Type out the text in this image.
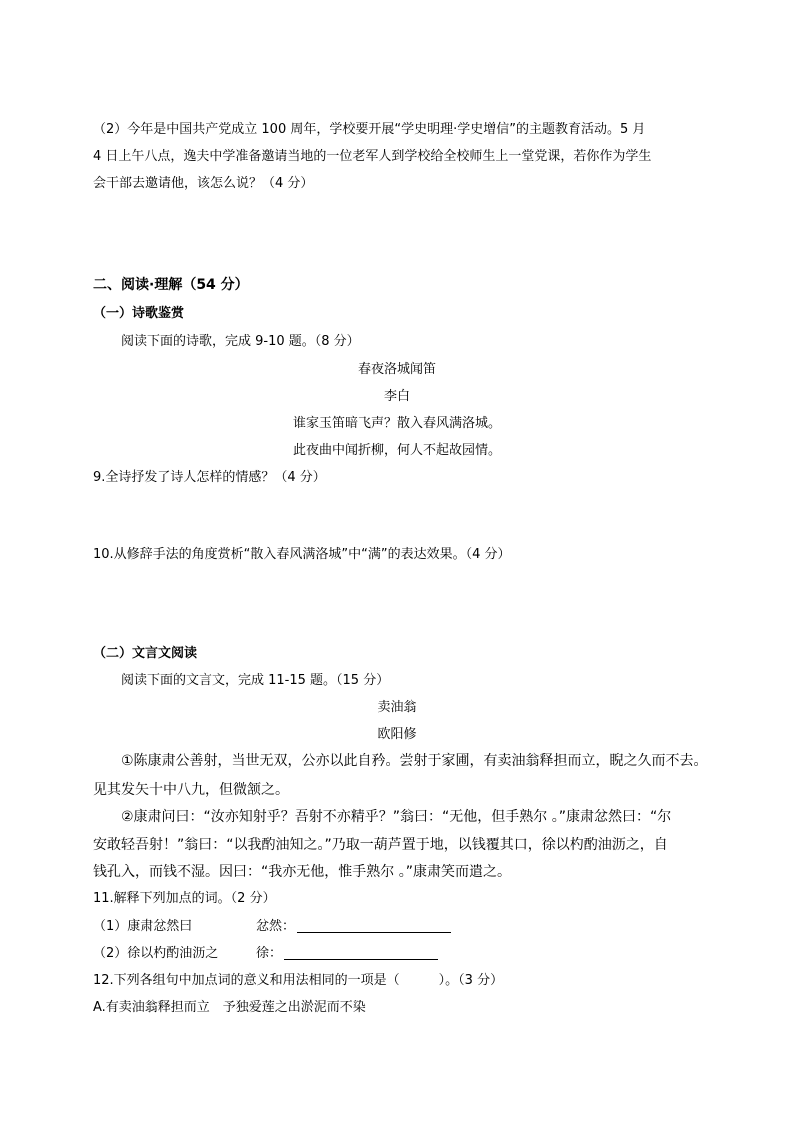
（2）今年是中国共产党成立 100 周年，学校要开展“学史明理·学史增信”的主题教育活动。5 月
4 日上午八点，逸夫中学准备邀请当地的一位老军人到学校给全校师生上一堂党课，若你作为学生
会干部去邀请他，该怎么说？（4 分）
二、阅读·理解（54 分）
（一）诗歌鉴赏
阅读下面的诗歌，完成 9-10 题。（8 分）
春夜洛城闻笛
李白
谁家玉笛暗飞声？散入春风满洛城。
此夜曲中闻折柳，何人不起故园情。
9.全诗抒发了诗人怎样的情感？（4 分）
10.从修辞手法的角度赏析“散入春风满洛城”中“满”的表达效果。（4 分）
（二）文言文阅读
阅读下面的文言文，完成 11-15 题。（15 分）
卖油翁
欧阳修
①陈康肃公善射，当世无双，公亦以此自矜。尝射于家圃，有卖油翁释担而立，睨之久而不去。
见其发矢十中八九，但微颔之。
②康肃问曰：“汝亦知射乎？吾射不亦精乎？”翁曰：“无他，但手熟尔 。”康肃忿然曰：“尔
安敢轻吾射！”翁曰：“以我酌油知之。”乃取一葫芦置于地，以钱覆其口，徐以杓酌油沥之，自
钱孔入，而钱不湿。因曰：“我亦无他，惟手熟尔 。”康肃笑而遣之。
11.解释下列加点的词。（2 分）
（1）康肃忿然曰	忿然：
（2）徐以杓酌油沥之	徐：
12.下列各组句中加点词的意义和用法相同的一项是（　　　）。（3 分）
A.有卖油翁释担而立　予独爱莲之出淤泥而不染
